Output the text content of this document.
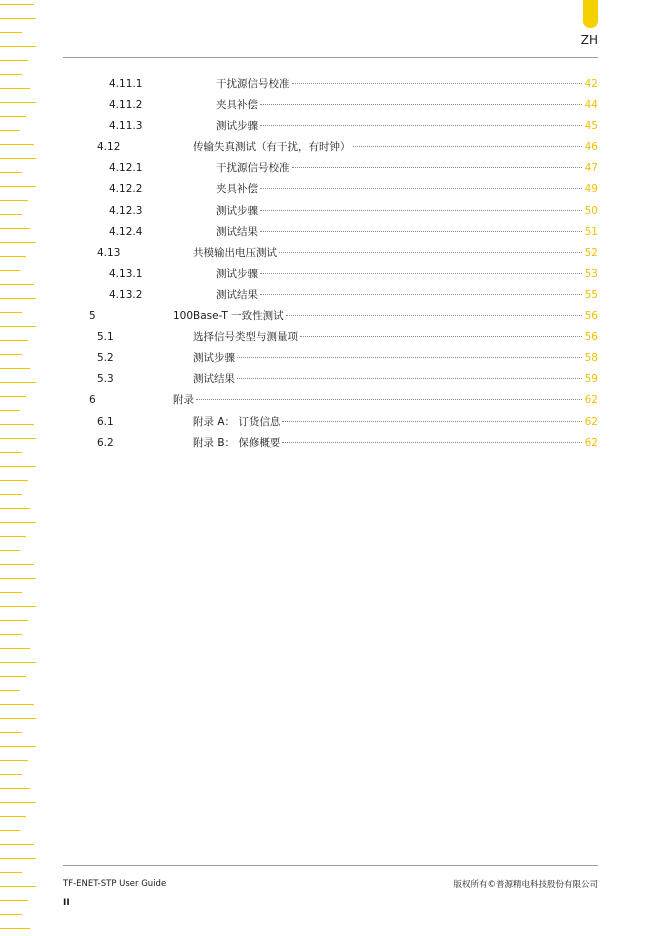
ZH
4.11.1	干扰源信号校准	42
4.11.2	夹具补偿	44
4.11.3	测试步骤	45
4.12	传输失真测试（有干扰，有时钟）	46
4.12.1	干扰源信号校准	47
4.12.2	夹具补偿	49
4.12.3	测试步骤	50
4.12.4	测试结果	51
4.13	共模输出电压测试	52
4.13.1	测试步骤	53
4.13.2	测试结果	55
5	100Base-T 一致性测试	56
5.1	选择信号类型与测量项	56
5.2	测试步骤	58
5.3	测试结果	59
6	附录	62
6.1	附录 A： 订货信息	62
6.2	附录 B： 保修概要	62
TF-ENET-STP User Guide	版权所有©普源精电科技股份有限公司
II
